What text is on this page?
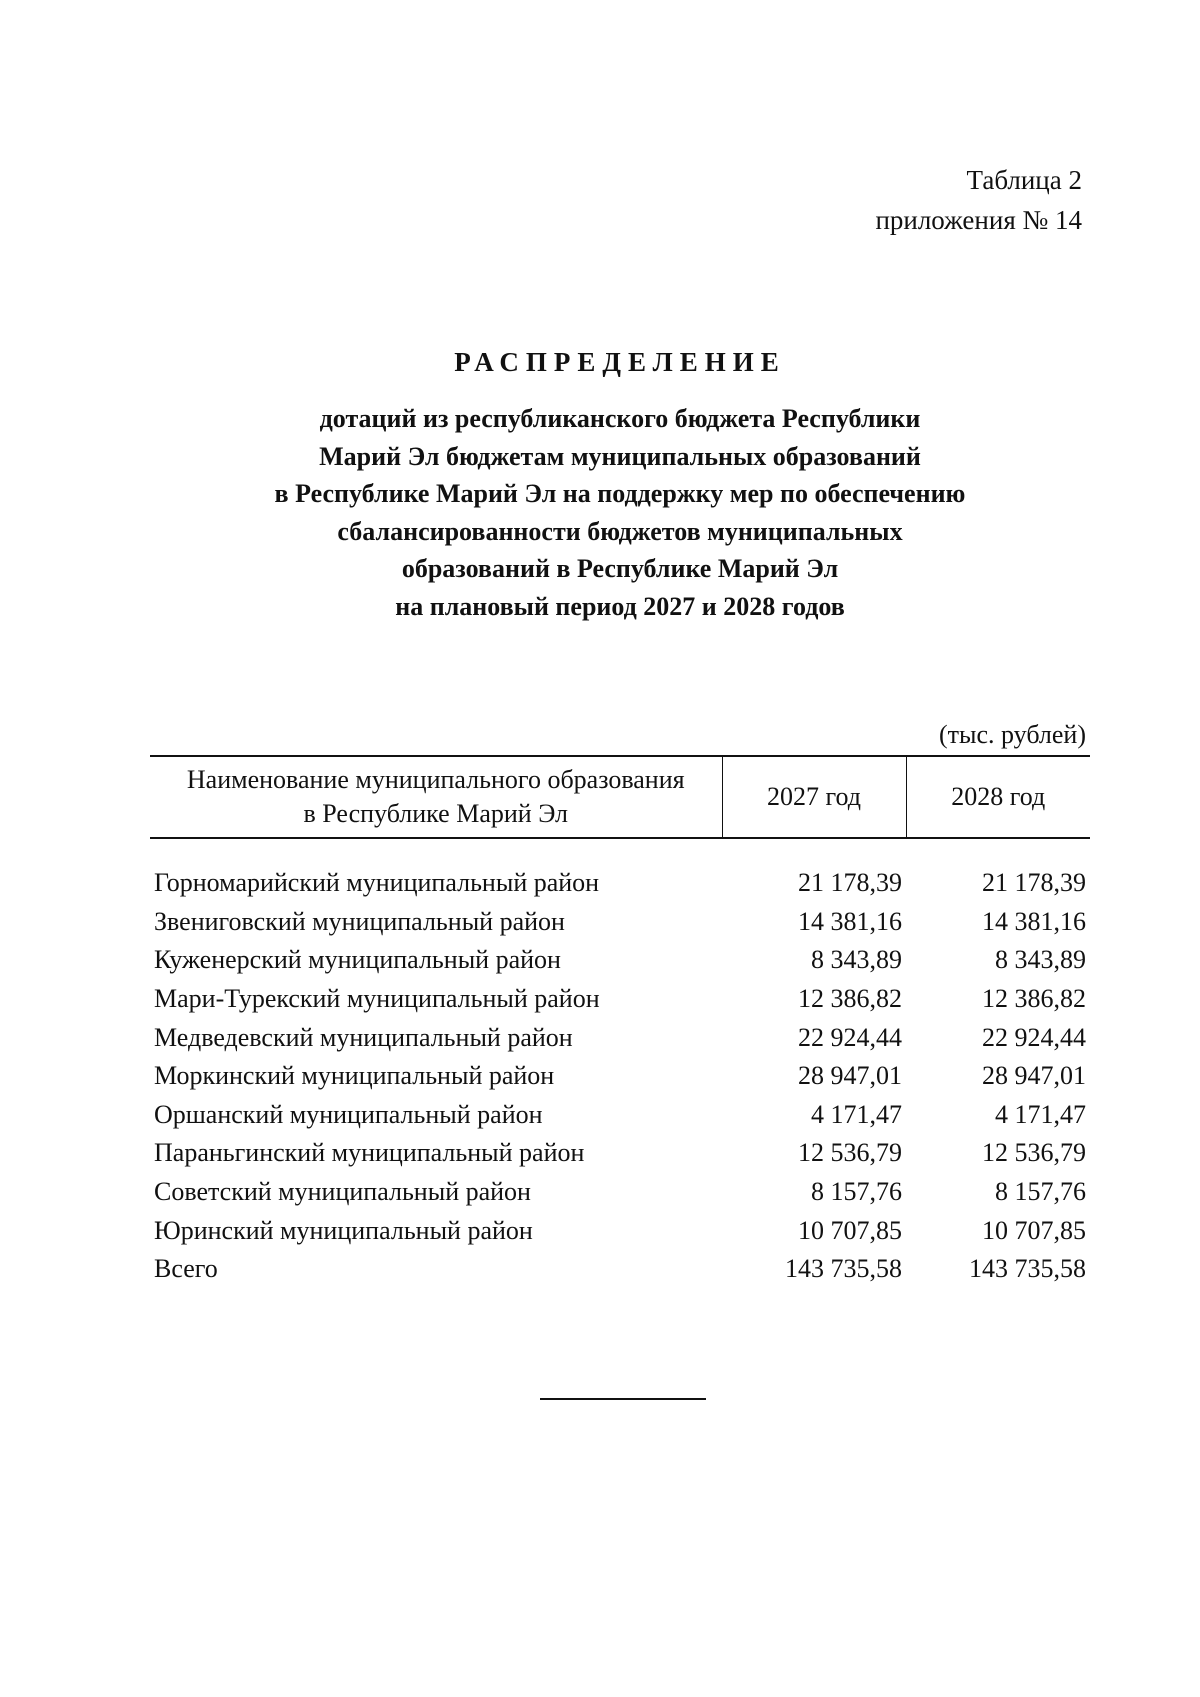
Таблица 2
приложения № 14
РАСПРЕДЕЛЕНИЕ
дотаций из республиканского бюджета Республики
Марий Эл бюджетам муниципальных образований
в Республике Марий Эл на поддержку мер по обеспечению
сбалансированности бюджетов муниципальных
образований в Республике Марий Эл
на плановый период 2027 и 2028 годов
(тыс. рублей)
Наименование муниципального образования
в Республике Марий Эл
	2027 год	2028 год
Горномарийский муниципальный район	21 178,39	21 178,39
Звениговский муниципальный район	14 381,16	14 381,16
Куженерский муниципальный район	8 343,89	8 343,89
Мари-Турекский муниципальный район	12 386,82	12 386,82
Медведевский муниципальный район	22 924,44	22 924,44
Моркинский муниципальный район	28 947,01	28 947,01
Оршанский муниципальный район	4 171,47	4 171,47
Параньгинский муниципальный район	12 536,79	12 536,79
Советский муниципальный район	8 157,76	8 157,76
Юринский муниципальный район	10 707,85	10 707,85
Всего	143 735,58	143 735,58
